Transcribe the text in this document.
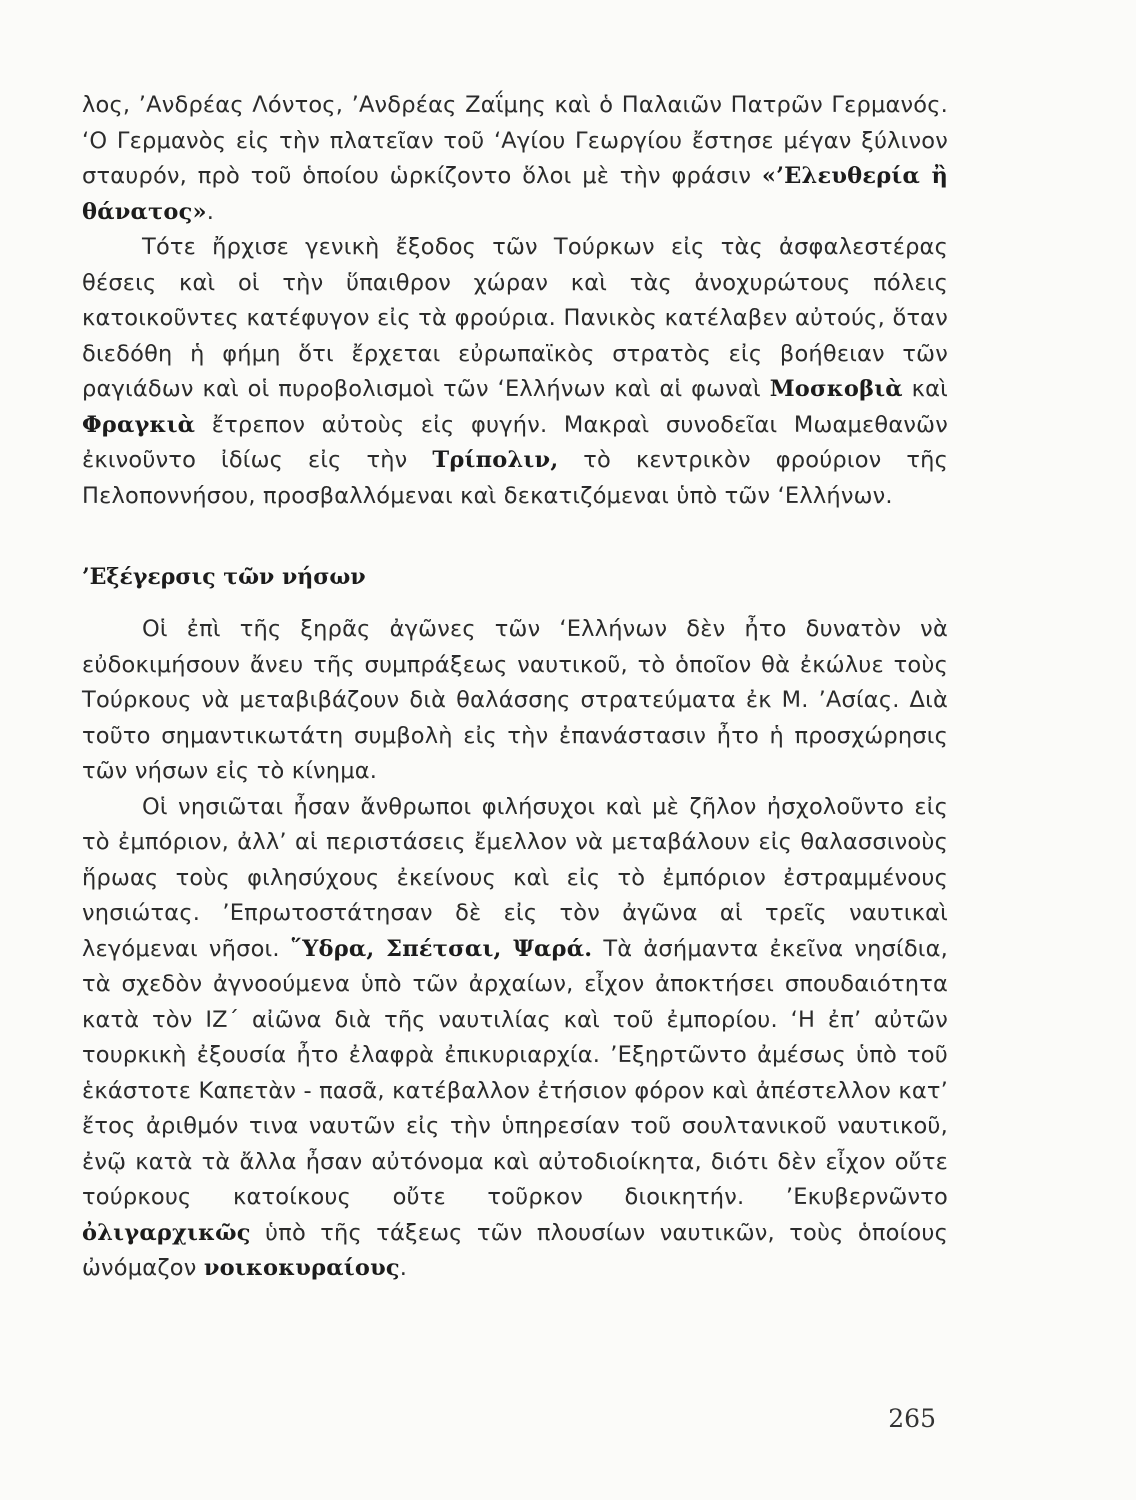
λος, ’Ανδρέας Λόντος, ’Ανδρέας Ζαΐμης καὶ ὁ Παλαιῶν Πατρῶν Γερμανός. ‘Ο Γερμανὸς εἰς τὴν πλατεῖαν τοῦ ‘Αγίου Γεωργίου ἔστησε μέγαν ξύλινον σταυρόν, πρὸ τοῦ ὁποίου ὡρκίζοντο ὅλοι μὲ τὴν φράσιν «’Ελευθερία ἢ θάνατος».

Τότε ἤρχισε γενικὴ ἔξοδος τῶν Τούρκων εἰς τὰς ἀσφαλεστέρας θέσεις καὶ οἱ τὴν ὕπαιθρον χώραν καὶ τὰς ἀνοχυρώτους πόλεις κατοικοῦντες κατέφυγον εἰς τὰ φρούρια. Πανικὸς κατέλαβεν αὐτούς, ὅταν διεδόθη ἡ φήμη ὅτι ἔρχεται εὐρωπαϊκὸς στρατὸς εἰς βοήθειαν τῶν ραγιάδων καὶ οἱ πυροβολισμοὶ τῶν ‘Ελλήνων καὶ αἱ φωναὶ Μοσκοβιὰ καὶ Φραγκιὰ ἔτρεπον αὐτοὺς εἰς φυγήν. Μακραὶ συνοδεῖαι Μωαμεθανῶν ἐκινοῦντο ἰδίως εἰς τὴν Τρίπολιν, τὸ κεντρικὸν φρούριον τῆς Πελοποννήσου, προσβαλλόμεναι καὶ δεκατιζόμεναι ὑπὸ τῶν ‘Ελλήνων.

’Εξέγερσις τῶν νήσων

Οἱ ἐπὶ τῆς ξηρᾶς ἀγῶνες τῶν ‘Ελλήνων δὲν ἦτο δυνατὸν νὰ εὐδοκιμήσουν ἄνευ τῆς συμπράξεως ναυτικοῦ, τὸ ὁποῖον θὰ ἐκώλυε τοὺς Τούρκους νὰ μεταβιβάζουν διὰ θαλάσσης στρατεύματα ἐκ Μ. ’Ασίας. Διὰ τοῦτο σημαντικωτάτη συμβολὴ εἰς τὴν ἐπανάστασιν ἦτο ἡ προσχώρησις τῶν νήσων εἰς τὸ κίνημα.

Οἱ νησιῶται ἦσαν ἄνθρωποι φιλήσυχοι καὶ μὲ ζῆλον ἠσχολοῦντο εἰς τὸ ἐμπόριον, ἀλλ’ αἱ περιστάσεις ἔμελλον νὰ μεταβάλουν εἰς θαλασσινοὺς ἥρωας τοὺς φιλησύχους ἐκείνους καὶ εἰς τὸ ἐμπόριον ἐστραμμένους νησιώτας. ’Επρωτοστάτησαν δὲ εἰς τὸν ἀγῶνα αἱ τρεῖς ναυτικαὶ λεγόμεναι νῆσοι. ῞Υδρα, Σπέτσαι, Ψαρά. Τὰ ἀσήμαντα ἐκεῖνα νησίδια, τὰ σχεδὸν ἀγνοούμενα ὑπὸ τῶν ἀρχαίων, εἶχον ἀποκτήσει σπουδαιότητα κατὰ τὸν ΙΖ΄ αἰῶνα διὰ τῆς ναυτιλίας καὶ τοῦ ἐμπορίου. ‘Η ἐπ’ αὐτῶν τουρκικὴ ἐξουσία ἦτο ἐλαφρὰ ἐπικυριαρχία. ’Εξηρτῶντο ἀμέσως ὑπὸ τοῦ ἑκάστοτε Καπετὰν - πασᾶ, κατέβαλλον ἐτήσιον φόρον καὶ ἀπέστελλον κατ’ ἔτος ἀριθμόν τινα ναυτῶν εἰς τὴν ὑπηρεσίαν τοῦ σουλτανικοῦ ναυτικοῦ, ἐνῷ κατὰ τὰ ἄλλα ἦσαν αὐτόνομα καὶ αὐτοδιοίκητα, διότι δὲν εἶχον οὔτε τούρκους κατοίκους οὔτε τοῦρκον διοικητήν. ’Εκυβερνῶντο ὀλιγαρχικῶς ὑπὸ τῆς τάξεως τῶν πλουσίων ναυτικῶν, τοὺς ὁποίους ὠνόμαζον νοικοκυραίους.

265
